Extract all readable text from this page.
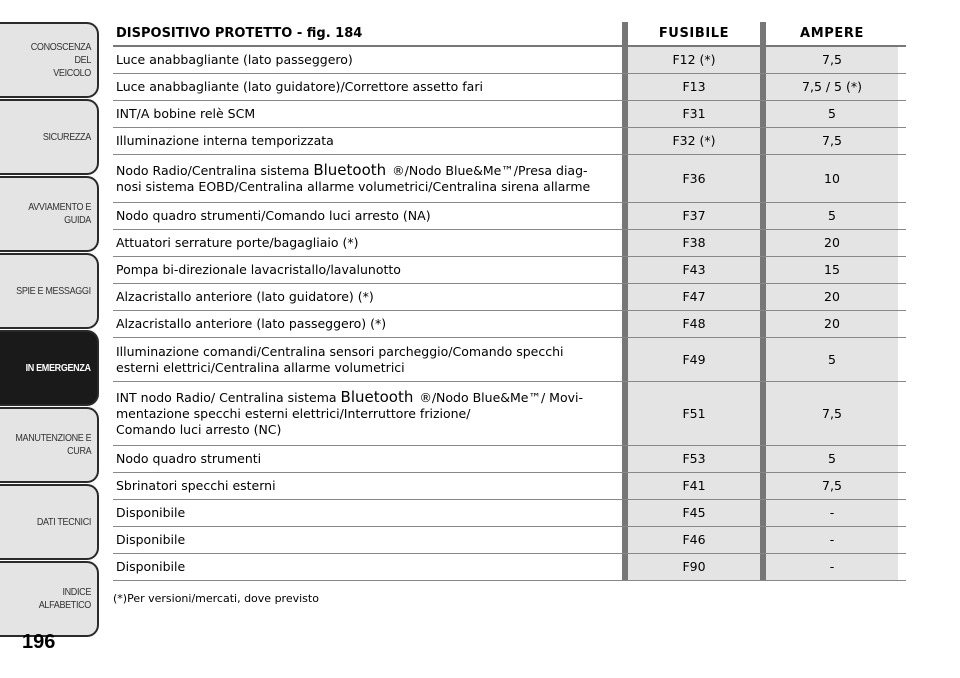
CONOSCENZA DEL
VEICOLO
SICUREZZA
AVVIAMENTO E
GUIDA
SPIE E MESSAGGI
IN EMERGENZA
MANUTENZIONE E
CURA
DATI TECNICI
INDICE ALFABETICO
196
DISPOSITIVO PROTETTO - fig. 184	FUSIBILE	AMPERE
Luce anabbagliante (lato passeggero)	F12 (*)	7,5
Luce anabbagliante (lato guidatore)/Correttore assetto fari	F13	7,5 / 5 (*)
INT/A bobine relè SCM	F31	5
Illuminazione interna temporizzata	F32 (*)	7,5
Nodo Radio/Centralina sistema Bluetooth ®/Nodo Blue&Me™/Presa diag-
nosi sistema EOBD/Centralina allarme volumetrici/Centralina sirena allarme
F36	10
Nodo quadro strumenti/Comando luci arresto (NA)	F37	5
Attuatori serrature porte/bagagliaio (*)	F38	20
Pompa bi-direzionale lavacristallo/lavalunotto	F43	15
Alzacristallo anteriore (lato guidatore) (*)	F47	20
Alzacristallo anteriore (lato passeggero) (*)	F48	20
Illuminazione comandi/Centralina sensori parcheggio/Comando specchi
esterni elettrici/Centralina allarme volumetrici
F49	5
INT nodo Radio/ Centralina sistema Bluetooth ®/Nodo Blue&Me™/ Movi-
mentazione specchi esterni elettrici/Interruttore frizione/
Comando luci arresto (NC)
F51	7,5
Nodo quadro strumenti	F53	5
Sbrinatori specchi esterni	F41	7,5
Disponibile	F45	-
Disponibile	F46	-
Disponibile	F90	-
(*)Per versioni/mercati, dove previsto
